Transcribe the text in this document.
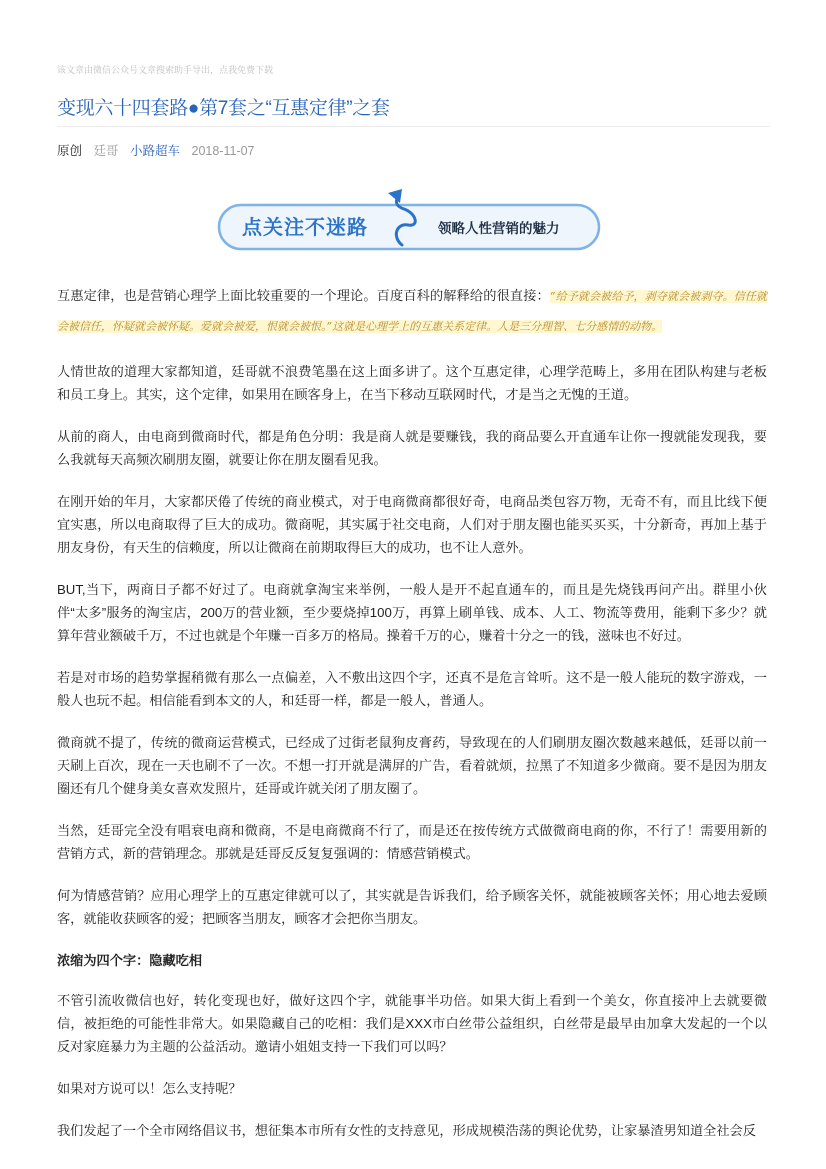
该文章由微信公众号文章搜索助手导出，点我免费下载
变现六十四套路●第7套之“互惠定律”之套
原创 廷哥 小路超车 2018-11-07
点关注不迷路	领略人性营销的魅力

互惠定律，也是营销心理学上面比较重要的一个理论。百度百科的解释给的很直接：“给予就会被给予，剥夺就会被剥夺。信任就会被信任，怀疑就会被怀疑。爱就会被爱，恨就会被恨。”这就是心理学上的互惠关系定律。人是三分理智、七分感情的动物。

人情世故的道理大家都知道，廷哥就不浪费笔墨在这上面多讲了。这个互惠定律，心理学范畴上，多用在团队构建与老板和员工身上。其实，这个定律，如果用在顾客身上，在当下移动互联网时代，才是当之无愧的王道。

从前的商人，由电商到微商时代，都是角色分明：我是商人就是要赚钱，我的商品要么开直通车让你一搜就能发现我，要么我就每天高频次刷朋友圈，就要让你在朋友圈看见我。

在刚开始的年月，大家都厌倦了传统的商业模式，对于电商微商都很好奇，电商品类包容万物，无奇不有，而且比线下便宜实惠，所以电商取得了巨大的成功。微商呢，其实属于社交电商，人们对于朋友圈也能买买买，十分新奇，再加上基于朋友身份，有天生的信赖度，所以让微商在前期取得巨大的成功，也不让人意外。

BUT,当下，两商日子都不好过了。电商就拿淘宝来举例，一般人是开不起直通车的，而且是先烧钱再问产出。群里小伙伴“太多”服务的淘宝店，200万的营业额，至少要烧掉100万，再算上刷单钱、成本、人工、物流等费用，能剩下多少？就算年营业额破千万，不过也就是个年赚一百多万的格局。操着千万的心，赚着十分之一的钱，滋味也不好过。

若是对市场的趋势掌握稍微有那么一点偏差，入不敷出这四个字，还真不是危言耸听。这不是一般人能玩的数字游戏，一般人也玩不起。相信能看到本文的人，和廷哥一样，都是一般人，普通人。

微商就不提了，传统的微商运营模式，已经成了过街老鼠狗皮膏药，导致现在的人们刷朋友圈次数越来越低，廷哥以前一天刷上百次，现在一天也刷不了一次。不想一打开就是满屏的广告，看着就烦，拉黑了不知道多少微商。要不是因为朋友圈还有几个健身美女喜欢发照片，廷哥或许就关闭了朋友圈了。

当然，廷哥完全没有唱衰电商和微商，不是电商微商不行了，而是还在按传统方式做微商电商的你，不行了！需要用新的营销方式，新的营销理念。那就是廷哥反反复复强调的：情感营销模式。

何为情感营销？应用心理学上的互惠定律就可以了，其实就是告诉我们，给予顾客关怀，就能被顾客关怀；用心地去爱顾客，就能收获顾客的爱；把顾客当朋友，顾客才会把你当朋友。

浓缩为四个字：隐藏吃相

不管引流收微信也好，转化变现也好，做好这四个字，就能事半功倍。如果大街上看到一个美女，你直接冲上去就要微信，被拒绝的可能性非常大。如果隐藏自己的吃相：我们是XXX市白丝带公益组织，白丝带是最早由加拿大发起的一个以反对家庭暴力为主题的公益活动。邀请小姐姐支持一下我们可以吗？

如果对方说可以！怎么支持呢？

我们发起了一个全市网络倡议书，想征集本市所有女性的支持意见，形成规模浩荡的舆论优势，让家暴渣男知道全社会反
